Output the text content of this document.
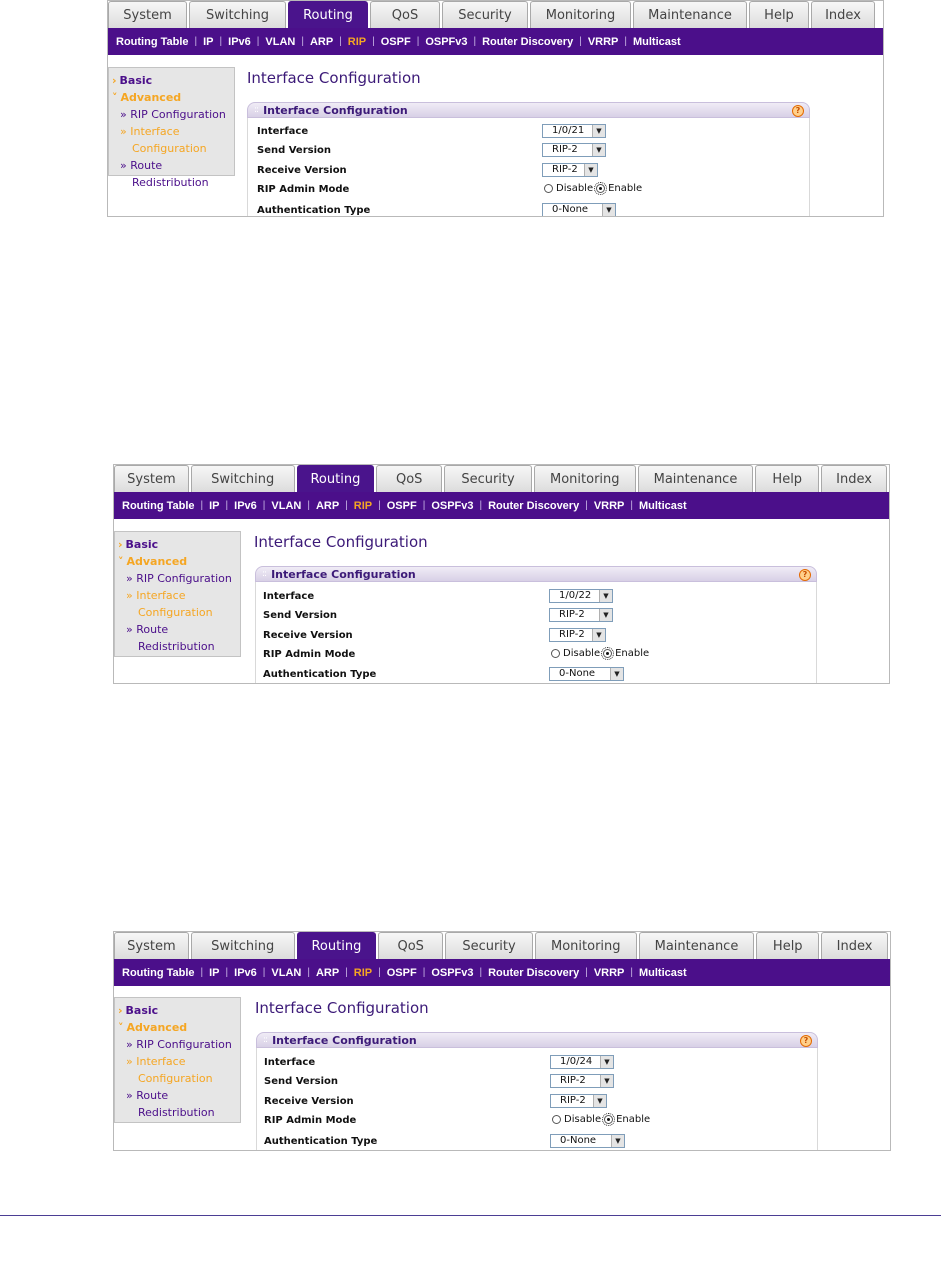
System	Switching	Routing	QoS	Security	Monitoring	Maintenance	Help	Index
Routing Table | IP | IPv6 | VLAN | ARP | RIP | OSPF | OSPFv3 | Router Discovery | VRRP | Multicast
› Basic
˅ Advanced
» RIP Configuration
» Interface
Configuration
» Route
Redistribution
Interface Configuration
:: Interface Configuration	?
Interface	1/0/21	▼
Send Version	RIP-2	▼
Receive Version	RIP-2	▼
RIP Admin Mode	Disable Enable
Authentication Type	0-None	▼
System	Switching	Routing	QoS	Security	Monitoring	Maintenance	Help	Index
Routing Table | IP | IPv6 | VLAN | ARP | RIP | OSPF | OSPFv3 | Router Discovery | VRRP | Multicast
› Basic
˅ Advanced
» RIP Configuration
» Interface
Configuration
» Route
Redistribution
Interface Configuration
:: Interface Configuration	?
Interface	1/0/22	▼
Send Version	RIP-2	▼
Receive Version	RIP-2	▼
RIP Admin Mode	Disable Enable
Authentication Type	0-None	▼
System	Switching	Routing	QoS	Security	Monitoring	Maintenance	Help	Index
Routing Table | IP | IPv6 | VLAN | ARP | RIP | OSPF | OSPFv3 | Router Discovery | VRRP | Multicast
› Basic
˅ Advanced
» RIP Configuration
» Interface
Configuration
» Route
Redistribution
Interface Configuration
:: Interface Configuration	?
Interface	1/0/24	▼
Send Version	RIP-2	▼
Receive Version	RIP-2	▼
RIP Admin Mode	Disable Enable
Authentication Type	0-None	▼
